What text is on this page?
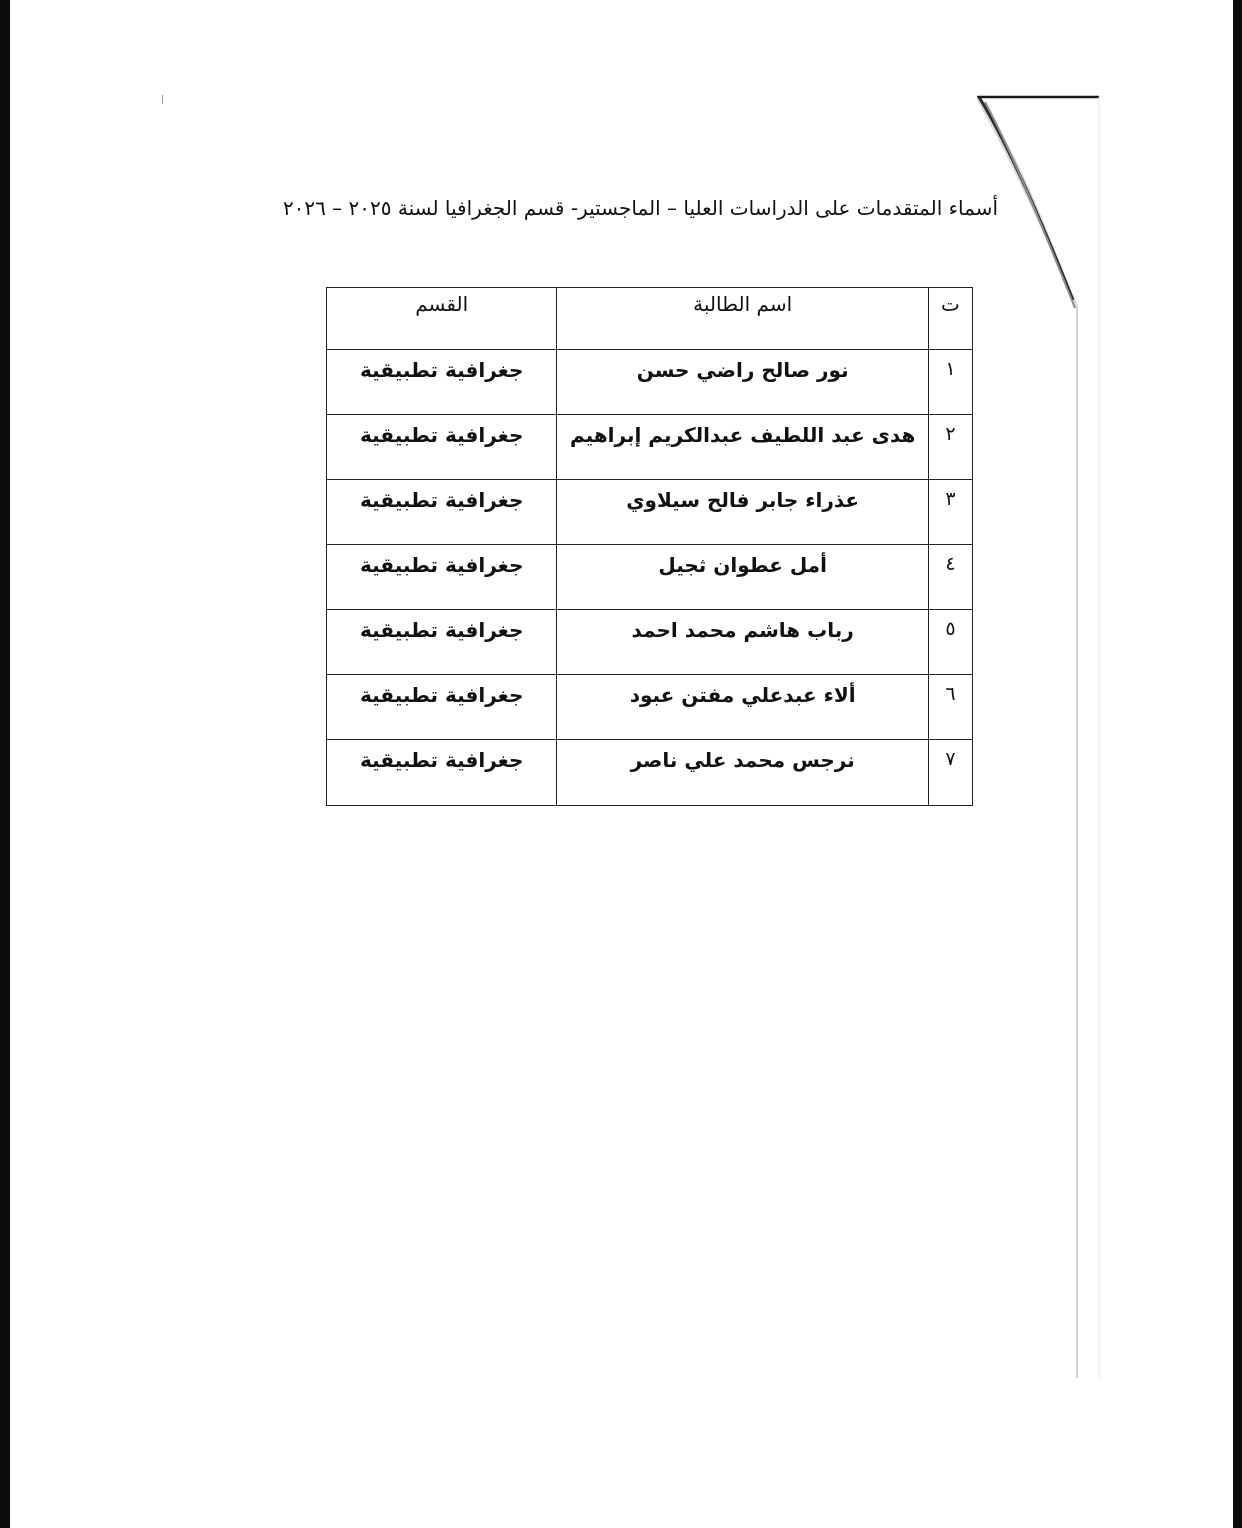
أسماء المتقدمات على الدراسات العليا – الماجستير- قسم الجغرافيا لسنة ٢٠٢٥ – ٢٠٢٦
ت	اسم الطالبة	القسم
١	نور صالح راضي حسن	جغرافية تطبيقية
٢	هدى عبد اللطيف عبدالكريم إبراهيم	جغرافية تطبيقية
٣	عذراء جابر فالح سيلاوي	جغرافية تطبيقية
٤	أمل عطوان ثجيل	جغرافية تطبيقية
٥	رباب هاشم محمد احمد	جغرافية تطبيقية
٦	ألاء عبدعلي مفتن عبود	جغرافية تطبيقية
٧	نرجس محمد علي ناصر	جغرافية تطبيقية
